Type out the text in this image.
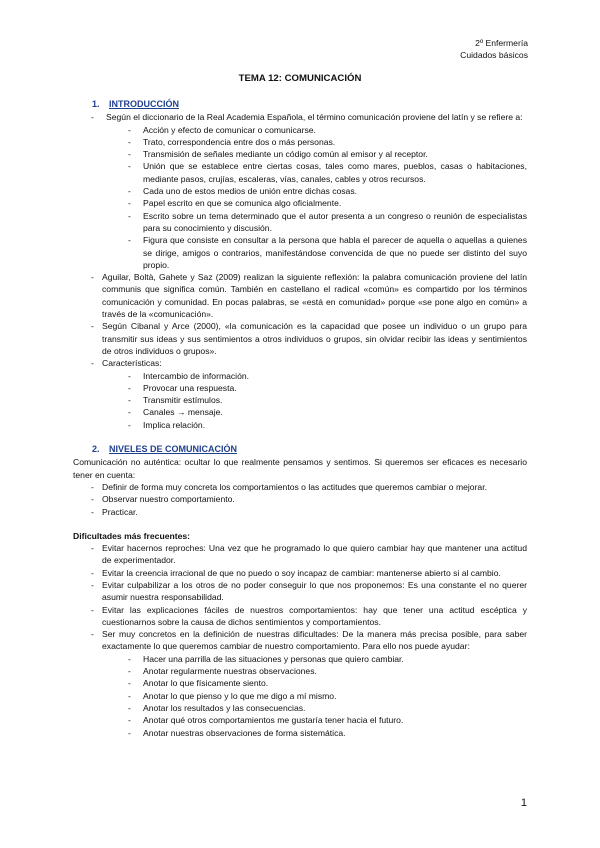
2º Enfermería
Cuidados básicos
TEMA 12: COMUNICACIÓN
1. INTRODUCCIÓN
- Según el diccionario de la Real Academia Española, el término comunicación proviene del latín y se refiere a:
- Acción y efecto de comunicar o comunicarse.
- Trato, correspondencia entre dos o más personas.
- Transmisión de señales mediante un código común al emisor y al receptor.
- Unión que se establece entre ciertas cosas, tales como mares, pueblos, casas o habitaciones, mediante pasos, crujías, escaleras, vías, canales, cables y otros recursos.
- Cada uno de estos medios de unión entre dichas cosas.
- Papel escrito en que se comunica algo oficialmente.
- Escrito sobre un tema determinado que el autor presenta a un congreso o reunión de especialistas para su conocimiento y discusión.
- Figura que consiste en consultar a la persona que habla el parecer de aquella o aquellas a quienes se dirige, amigos o contrarios, manifestándose convencida de que no puede ser distinto del suyo propio.
- Aguilar, Boltà, Gahete y Saz (2009) realizan la siguiente reflexión: la palabra comunicación proviene del latín communis que significa común. También en castellano el radical «común» es compartido por los términos comunicación y comunidad. En pocas palabras, se «está en comunidad» porque «se pone algo en común» a través de la «comunicación».
- Según Cibanal y Arce (2000), «la comunicación es la capacidad que posee un individuo o un grupo para transmitir sus ideas y sus sentimientos a otros individuos o grupos, sin olvidar recibir las ideas y sentimientos de otros individuos o grupos».
- Características:
- Intercambio de información.
- Provocar una respuesta.
- Transmitir estímulos.
- Canales → mensaje.
- Implica relación.
2. NIVELES DE COMUNICACIÓN

Comunicación no auténtica: ocultar lo que realmente pensamos y sentimos. Si queremos ser eficaces es necesario tener en cuenta:

- Definir de forma muy concreta los comportamientos o las actitudes que queremos cambiar o mejorar.
- Observar nuestro comportamiento.
- Practicar.

Dificultades más frecuentes:

- Evitar hacernos reproches: Una vez que he programado lo que quiero cambiar hay que mantener una actitud de experimentador.
- Evitar la creencia irracional de que no puedo o soy incapaz de cambiar: mantenerse abierto si al cambio.
- Evitar culpabilizar a los otros de no poder conseguir lo que nos proponemos: Es una constante el no querer asumir nuestra responsabilidad.
- Evitar las explicaciones fáciles de nuestros comportamientos: hay que tener una actitud escéptica y cuestionarnos sobre la causa de dichos sentimientos y comportamientos.
- Ser muy concretos en la definición de nuestras dificultades: De la manera más precisa posible, para saber exactamente lo que queremos cambiar de nuestro comportamiento. Para ello nos puede ayudar:
- Hacer una parrilla de las situaciones y personas que quiero cambiar.
- Anotar regularmente nuestras observaciones.
- Anotar lo que físicamente siento.
- Anotar lo que pienso y lo que me digo a mí mismo.
- Anotar los resultados y las consecuencias.
- Anotar qué otros comportamientos me gustaría tener hacia el futuro.
- Anotar nuestras observaciones de forma sistemática.
1
